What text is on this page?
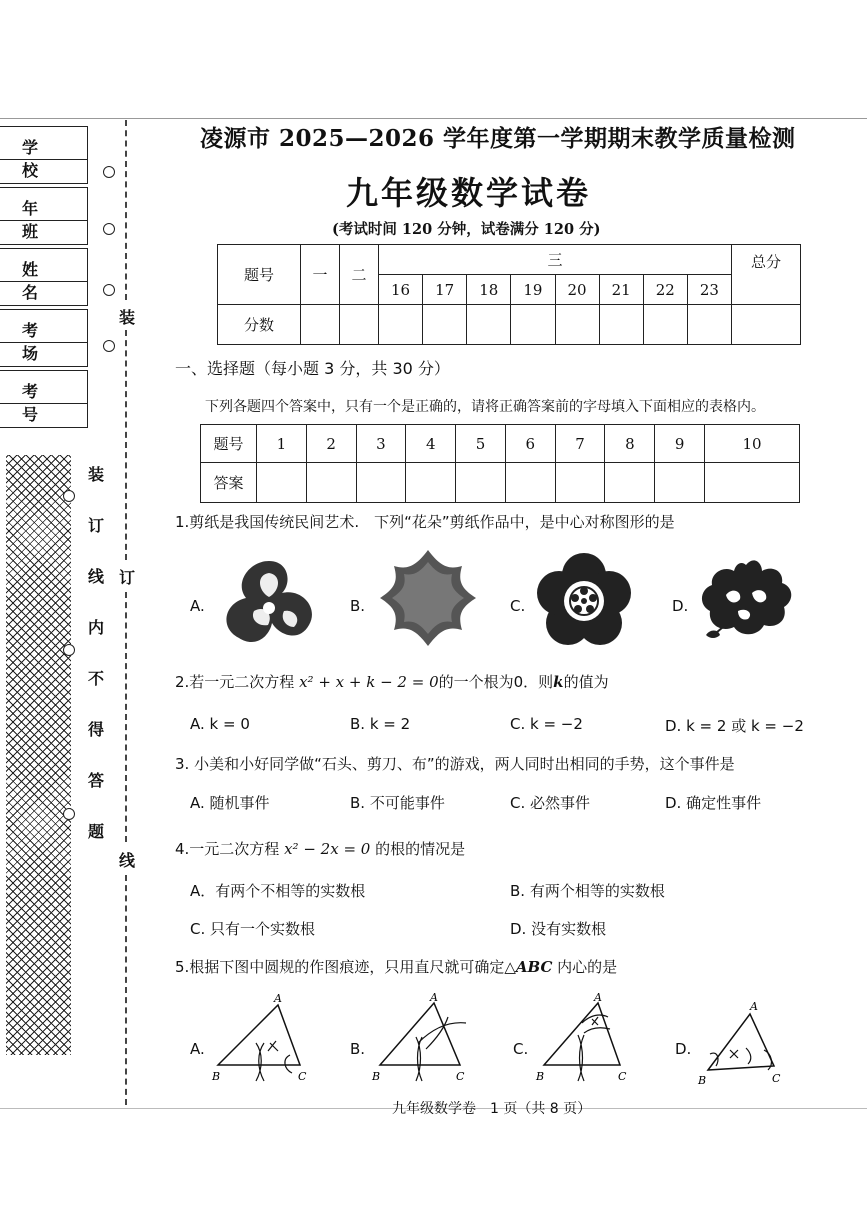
学 校
年 班
姓 名
考 场
考 号
装
订
线
内
不
得
答
题
装
订
线
凌源市 2025—2026 学年度第一学期期末教学质量检测
九年级数学试卷
(考试时间 120 分钟，试卷满分 120 分)
题号	一	二	三								总分
			16	17	18	19	20	21	22	23	
分数											
一、选择题（每小题 3 分，共 30 分）
下列各题四个答案中，只有一个是正确的，请将正确答案前的字母填入下面相应的表格内。
题号	1	2	3	4	5	6	7	8	9	10
答案										
1.剪纸是我国传统民间艺术.　下列“花朵”剪纸作品中，是中心对称图形的是
A.	B.	C.	D.
2.若一元二次方程 x² + x + k − 2 = 0的一个根为0．则k的值为
A. k = 0	B. k = 2	C. k = −2	D. k = 2 或 k = −2
3. 小美和小好同学做“石头、剪刀、布”的游戏，两人同时出相同的手势，这个事件是
A. 随机事件	B. 不可能事件	C. 必然事件	D. 确定性事件
4.一元二次方程 x² − 2x = 0 的根的情况是
A．有两个不相等的实数根	B. 有两个相等的实数根
C. 只有一个实数根	D. 没有实数根
5.根据下图中圆规的作图痕迹，只用直尺就可确定△ABC 内心的是
A.	B.	C.	D.
A
B	C
A
B	C
A
B	C
A
B	C
九年级数学卷　1 页（共 8 页）
